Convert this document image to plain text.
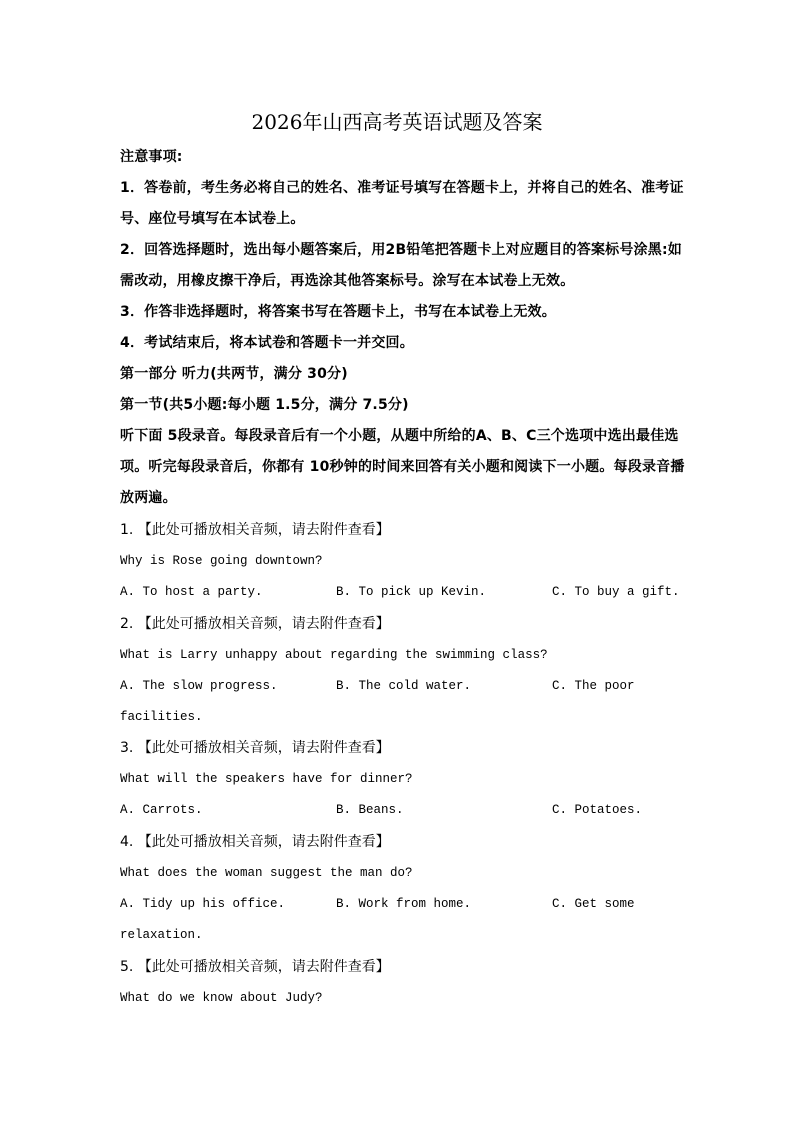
2026年山西高考英语试题及答案
注意事项:
1．答卷前，考生务必将自己的姓名、准考证号填写在答题卡上，并将自己的姓名、准考证
号、座位号填写在本试卷上。
2．回答选择题时，选出每小题答案后，用2B铅笔把答题卡上对应题目的答案标号涂黑:如
需改动，用橡皮擦干净后，再选涂其他答案标号。涂写在本试卷上无效。
3．作答非选择题时，将答案书写在答题卡上，书写在本试卷上无效。
4．考试结束后，将本试卷和答题卡一并交回。
第一部分 听力(共两节，满分 30分)
第一节(共5小题:每小题 1.5分，满分 7.5分)
听下面 5段录音。每段录音后有一个小题，从题中所给的A、B、C三个选项中选出最佳选
项。听完每段录音后，你都有 10秒钟的时间来回答有关小题和阅读下一小题。每段录音播
放两遍。
1. 【此处可播放相关音频，请去附件查看】
Why is Rose going downtown?
A. To host a party.	B. To pick up Kevin.	C. To buy a gift.
2. 【此处可播放相关音频，请去附件查看】
What is Larry unhappy about regarding the swimming class?
A. The slow progress.	B. The cold water.	C. The poor
facilities.
3. 【此处可播放相关音频，请去附件查看】
What will the speakers have for dinner?
A. Carrots.	B. Beans.	C. Potatoes.
4. 【此处可播放相关音频，请去附件查看】
What does the woman suggest the man do?
A. Tidy up his office.	B. Work from home.	C. Get some
relaxation.
5. 【此处可播放相关音频，请去附件查看】
What do we know about Judy?
